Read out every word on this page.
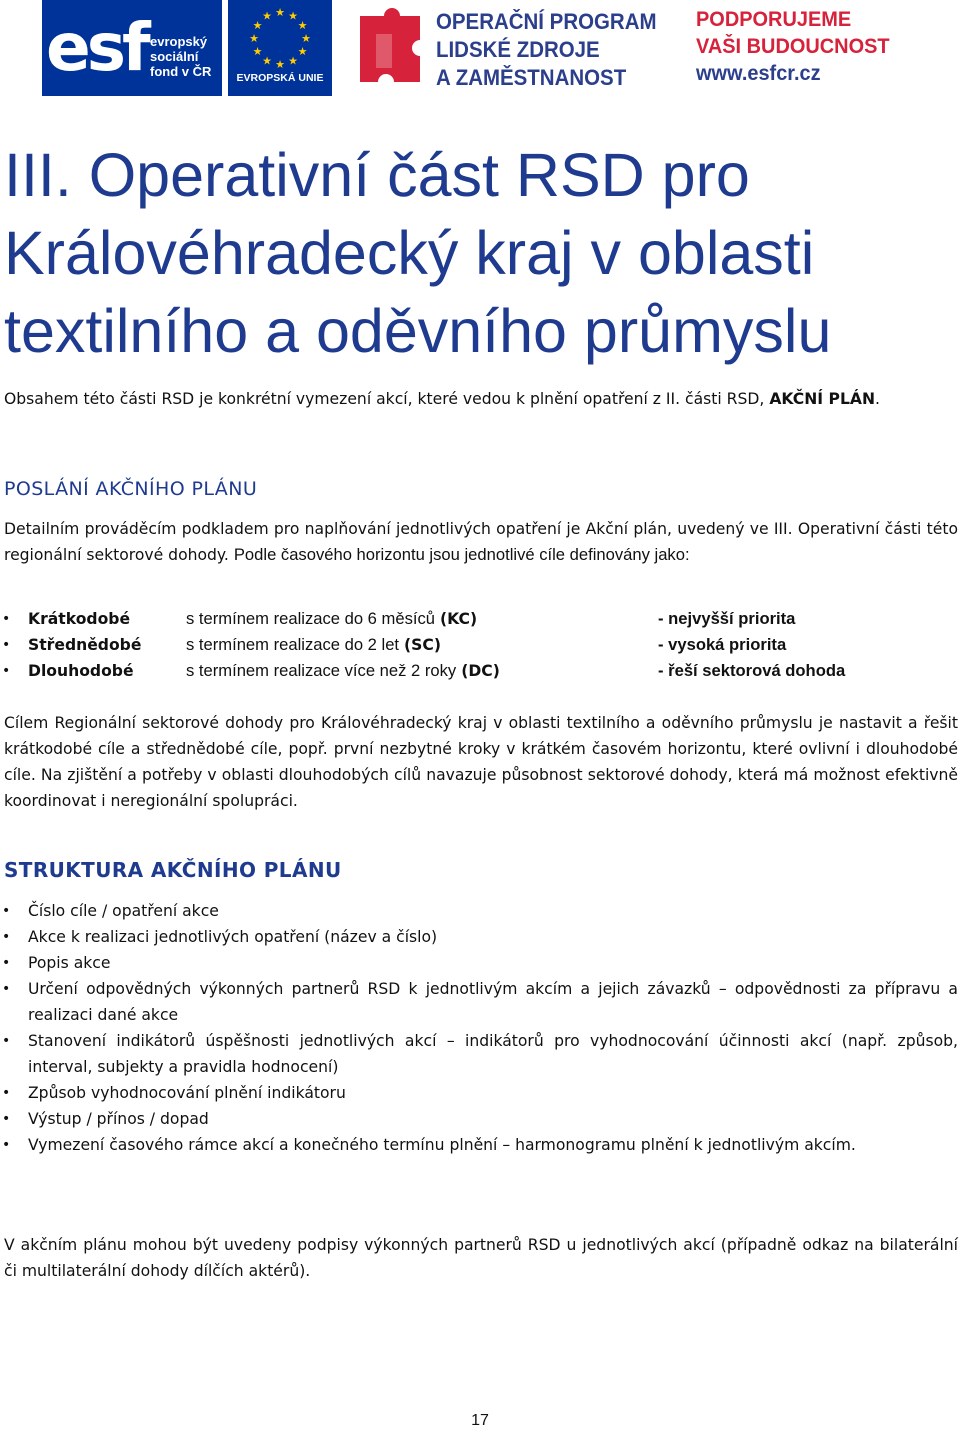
esf evropský
sociální
fond v ČR
★ ★
★
★
★
★
★
★
★
★
★
★
EVROPSKÁ UNIE
OPERAČNÍ PROGRAM
LIDSKÉ ZDROJE
A ZAMĚSTNANOST
PODPORUJEME
VAŠI BUDOUCNOST
www.esfcr.cz
III. Operativní část RSD pro Královéhradecký kraj v oblasti textilního a oděvního průmyslu
Obsahem této části RSD je konkrétní vymezení akcí, které vedou k plnění opatření z II. části RSD, AKČNÍ PLÁN.
POSLÁNÍ AKČNÍHO PLÁNU
Detailním prováděcím podkladem pro naplňování jednotlivých opatření je Akční plán, uvedený ve III. Operativní části této regionální sektorové dohody. Podle časového horizontu jsou jednotlivé cíle definovány jako:
• Krátkodobé	s termínem realizace do 6 měsíců (KC)	- nejvyšší priorita
• Střednědobé	s termínem realizace do 2 let (SC)	- vysoká priorita
• Dlouhodobé	s termínem realizace více než 2 roky (DC)	- řeší sektorová dohoda
Cílem Regionální sektorové dohody pro Královéhradecký kraj v oblasti textilního a oděvního průmyslu je nastavit a řešit krátkodobé cíle a střednědobé cíle, popř. první nezbytné kroky v krátkém časovém horizontu, které ovlivní i dlouhodobé cíle. Na zjištění a potřeby v oblasti dlouhodobých cílů navazuje působnost sektorové dohody, která má možnost efektivně koordinovat i neregionální spolupráci.
STRUKTURA AKČNÍHO PLÁNU
• Číslo cíle / opatření akce
• Akce k realizaci jednotlivých opatření (název a číslo)
• Popis akce
• Určení odpovědných výkonných partnerů RSD k jednotlivým akcím a jejich závazků – odpovědnosti za přípravu a realizaci dané akce
• Stanovení indikátorů úspěšnosti jednotlivých akcí – indikátorů pro vyhodnocování účinnosti akcí (např. způsob, interval, subjekty a pravidla hodnocení)
• Způsob vyhodnocování plnění indikátoru
• Výstup / přínos / dopad
• Vymezení časového rámce akcí a konečného termínu plnění – harmonogramu plnění k jednotlivým akcím.
V akčním plánu mohou být uvedeny podpisy výkonných partnerů RSD u jednotlivých akcí (případně odkaz na bilaterální či multilaterální dohody dílčích aktérů).
17
